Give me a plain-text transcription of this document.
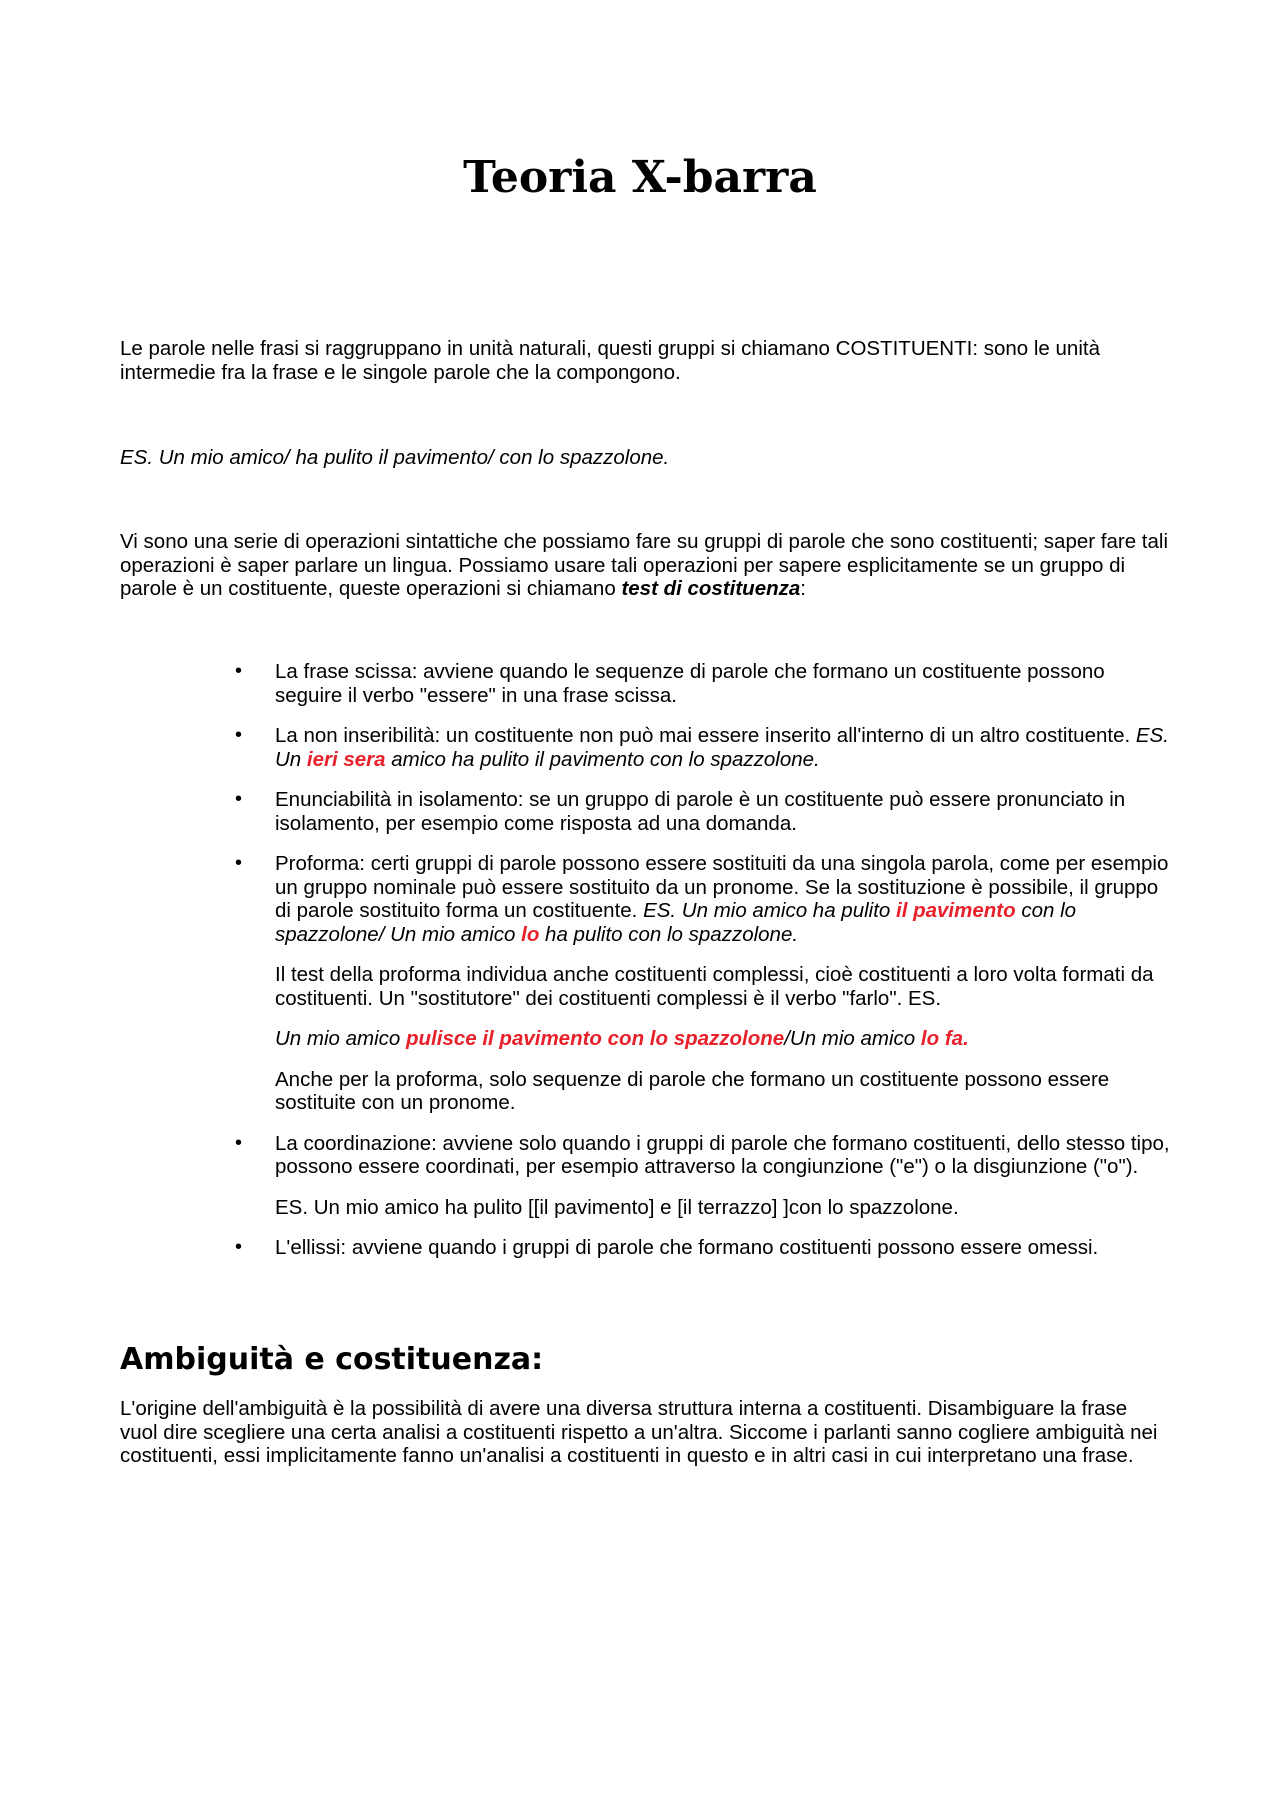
Teoria X-barra

Le parole nelle frasi si raggruppano in unità naturali, questi gruppi si chiamano COSTITUENTI: sono le unità intermedie fra la frase e le singole parole che la compongono.

ES. Un mio amico/ ha pulito il pavimento/ con lo spazzolone.

Vi sono una serie di operazioni sintattiche che possiamo fare su gruppi di parole che sono costituenti; saper fare tali operazioni è saper parlare un lingua. Possiamo usare tali operazioni per sapere esplicitamente se un gruppo di parole è un costituente, queste operazioni si chiamano test di costituenza:

• La frase scissa: avviene quando le sequenze di parole che formano un costituente possono seguire il verbo "essere" in una frase scissa.
• La non inseribilità: un costituente non può mai essere inserito all'interno di un altro costituente. ES. Un ieri sera amico ha pulito il pavimento con lo spazzolone.
• Enunciabilità in isolamento: se un gruppo di parole è un costituente può essere pronunciato in isolamento, per esempio come risposta ad una domanda.
• Proforma: certi gruppi di parole possono essere sostituiti da una singola parola, come per esempio un gruppo nominale può essere sostituito da un pronome. Se la sostituzione è possibile, il gruppo di parole sostituito forma un costituente. ES. Un mio amico ha pulito il pavimento con lo spazzolone/ Un mio amico lo ha pulito con lo spazzolone.
Il test della proforma individua anche costituenti complessi, cioè costituenti a loro volta formati da costituenti. Un "sostitutore" dei costituenti complessi è il verbo "farlo". ES.
Un mio amico pulisce il pavimento con lo spazzolone/Un mio amico lo fa.
Anche per la proforma, solo sequenze di parole che formano un costituente possono essere sostituite con un pronome.
• La coordinazione: avviene solo quando i gruppi di parole che formano costituenti, dello stesso tipo, possono essere coordinati, per esempio attraverso la congiunzione ("e") o la disgiunzione ("o").
ES. Un mio amico ha pulito [[il pavimento] e [il terrazzo] ]con lo spazzolone.
• L'ellissi: avviene quando i gruppi di parole che formano costituenti possono essere omessi.
Ambiguità e costituenza:

L'origine dell'ambiguità è la possibilità di avere una diversa struttura interna a costituenti. Disambiguare la frase vuol dire scegliere una certa analisi a costituenti rispetto a un'altra. Siccome i parlanti sanno cogliere ambiguità nei costituenti, essi implicitamente fanno un'analisi a costituenti in questo e in altri casi in cui interpretano una frase.
